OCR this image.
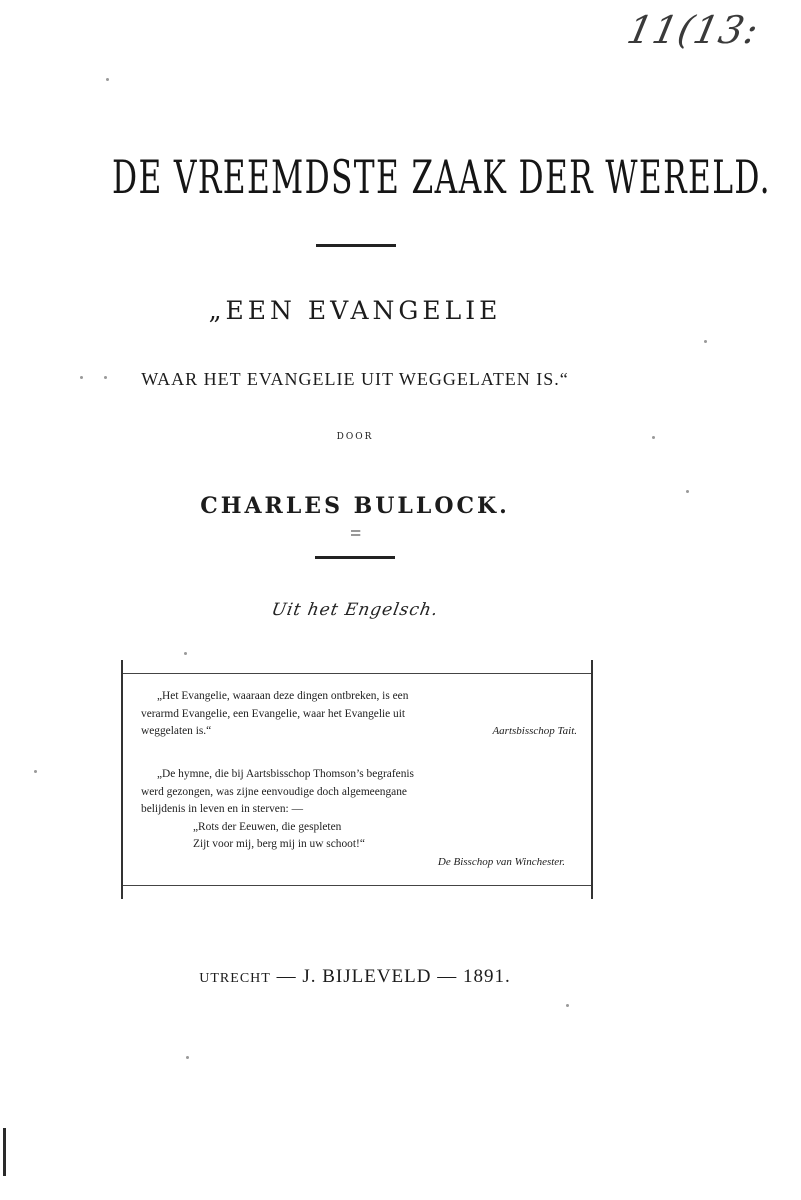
11(13:
DE VREEMDSTE ZAAK DER WERELD.
„EEN EVANGELIE
WAAR HET EVANGELIE UIT WEGGELATEN IS.“
DOOR
CHARLES BULLOCK.
=
Uit het Engelsch.
„Het Evangelie, waaraan deze dingen ontbreken, is een
verarmd Evangelie, een Evangelie, waar het Evangelie uit
weggelaten is.“	Aartsbisschop Tait.
„De hymne, die bij Aartsbisschop Thomson’s begrafenis
werd gezongen, was zijne eenvoudige doch algemeengane
belijdenis in leven en in sterven: —
„Rots der Eeuwen, die gespleten
Zijt voor mij, berg mij in uw schoot!“
De Bisschop van Winchester.
UTRECHT — J. BIJLEVELD — 1891.
